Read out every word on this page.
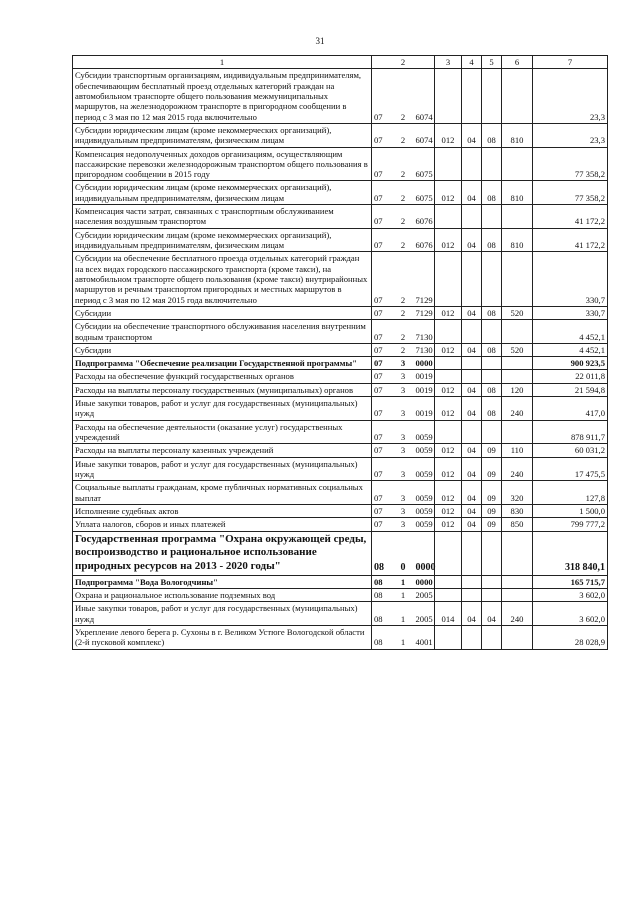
31
1	2			3	4	5	6	7
Субсидии транспортным организациям, индивидуальным предпринимателям, обеспечивающим бесплатный проезд отдельных категорий граждан на автомобильном транспорте общего пользования межмуниципальных маршрутов, на железнодорожном транспорте в пригородном сообщении в период с 3 мая по 12 мая 2015 года включительно	07	2	6074					23,3
Субсидии юридическим лицам (кроме некоммерческих организаций), индивидуальным предпринимателям, физическим лицам	07	2	6074	012	04	08	810	23,3
Компенсация недополученных доходов организациям, осуществляющим пассажирские перевозки железнодорожным транспортом общего пользования в пригородном сообщении в 2015 году	07	2	6075					77 358,2
Субсидии юридическим лицам (кроме некоммерческих организаций), индивидуальным предпринимателям, физическим лицам	07	2	6075	012	04	08	810	77 358,2
Компенсация части затрат, связанных с транспортным обслуживанием населения воздушным транспортом	07	2	6076					41 172,2
Субсидии юридическим лицам (кроме некоммерческих организаций), индивидуальным предпринимателям, физическим лицам	07	2	6076	012	04	08	810	41 172,2
Субсидии на обеспечение бесплатного проезда отдельных категорий граждан на всех видах городского пассажирского транспорта (кроме такси), на автомобильном транспорте общего пользования (кроме такси) внутрирайонных маршрутов и речным транспортом пригородных и местных маршрутов в период с 3 мая по 12 мая 2015 года включительно	07	2	7129					330,7
Субсидии	07	2	7129	012	04	08	520	330,7
Субсидии на обеспечение транспортного обслуживания населения внутренним водным транспортом	07	2	7130					4 452,1
Субсидии	07	2	7130	012	04	08	520	4 452,1
Подпрограмма "Обеспечение реализации Государственной программы"	07	3	0000					900 923,5
Расходы на обеспечение функций государственных органов	07	3	0019					22 011,8
Расходы на выплаты персоналу государственных (муниципальных) органов	07	3	0019	012	04	08	120	21 594,8
Иные закупки товаров, работ и услуг для государственных (муниципальных) нужд	07	3	0019	012	04	08	240	417,0
Расходы на обеспечение деятельности (оказание услуг) государственных учреждений	07	3	0059					878 911,7
Расходы на выплаты персоналу казенных учреждений	07	3	0059	012	04	09	110	60 031,2
Иные закупки товаров, работ и услуг для государственных (муниципальных) нужд	07	3	0059	012	04	09	240	17 475,5
Социальные выплаты гражданам, кроме публичных нормативных социальных выплат	07	3	0059	012	04	09	320	127,8
Исполнение судебных актов	07	3	0059	012	04	09	830	1 500,0
Уплата налогов, сборов и иных платежей	07	3	0059	012	04	09	850	799 777,2
Государственная программа "Охрана окружающей среды, воспроизводство и рациональное использование природных ресурсов на 2013 - 2020 годы"	08	0	0000					318 840,1
Подпрограмма "Вода Вологодчины"	08	1	0000					165 715,7
Охрана и рациональное использование подземных вод	08	1	2005					3 602,0
Иные закупки товаров, работ и услуг для государственных (муниципальных) нужд	08	1	2005	014	04	04	240	3 602,0
Укрепление левого берега р. Сухоны в г. Великом Устюге Вологодской области (2-й пусковой комплекс)	08	1	4001					28 028,9
